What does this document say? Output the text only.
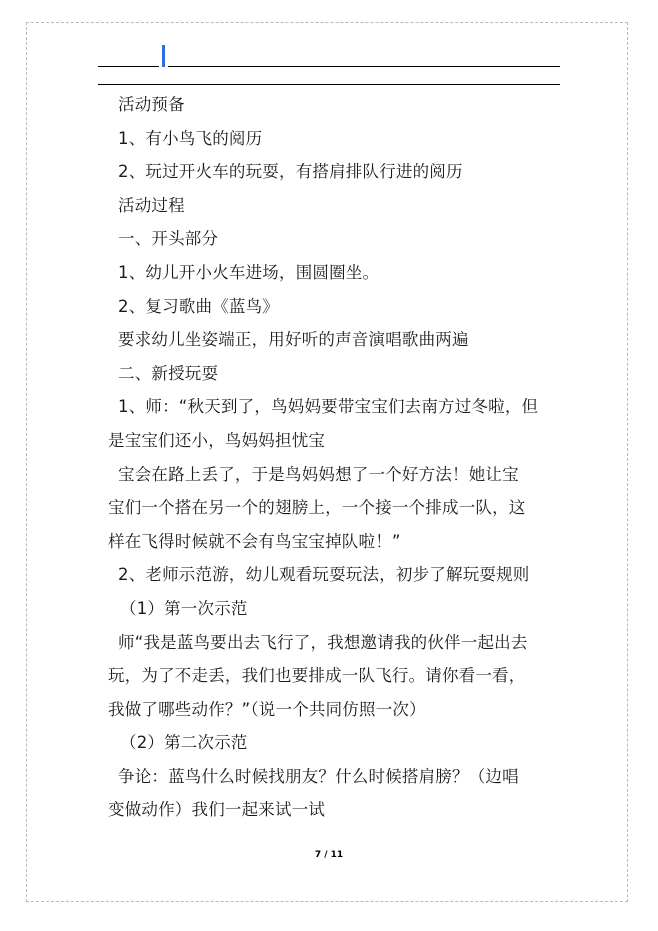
活动预备
1、有小鸟飞的阅历
2、玩过开火车的玩耍，有搭肩排队行进的阅历
活动过程
一、开头部分
1、幼儿开小火车进场，围圆圈坐。
2、复习歌曲《蓝鸟》
要求幼儿坐姿端正，用好听的声音演唱歌曲两遍
二、新授玩耍
1、师：“秋天到了，鸟妈妈要带宝宝们去南方过冬啦，但
是宝宝们还小，鸟妈妈担忧宝
宝会在路上丢了，于是鸟妈妈想了一个好方法！她让宝
宝们一个搭在另一个的翅膀上，一个接一个排成一队，这
样在飞得时候就不会有鸟宝宝掉队啦！”
2、老师示范游，幼儿观看玩耍玩法，初步了解玩耍规则
（1）第一次示范
师“我是蓝鸟要出去飞行了，我想邀请我的伙伴一起出去
玩，为了不走丢，我们也要排成一队飞行。请你看一看，
我做了哪些动作？”（说一个共同仿照一次）
（2）第二次示范
争论：蓝鸟什么时候找朋友？什么时候搭肩膀？（边唱
变做动作）我们一起来试一试
7 / 11
